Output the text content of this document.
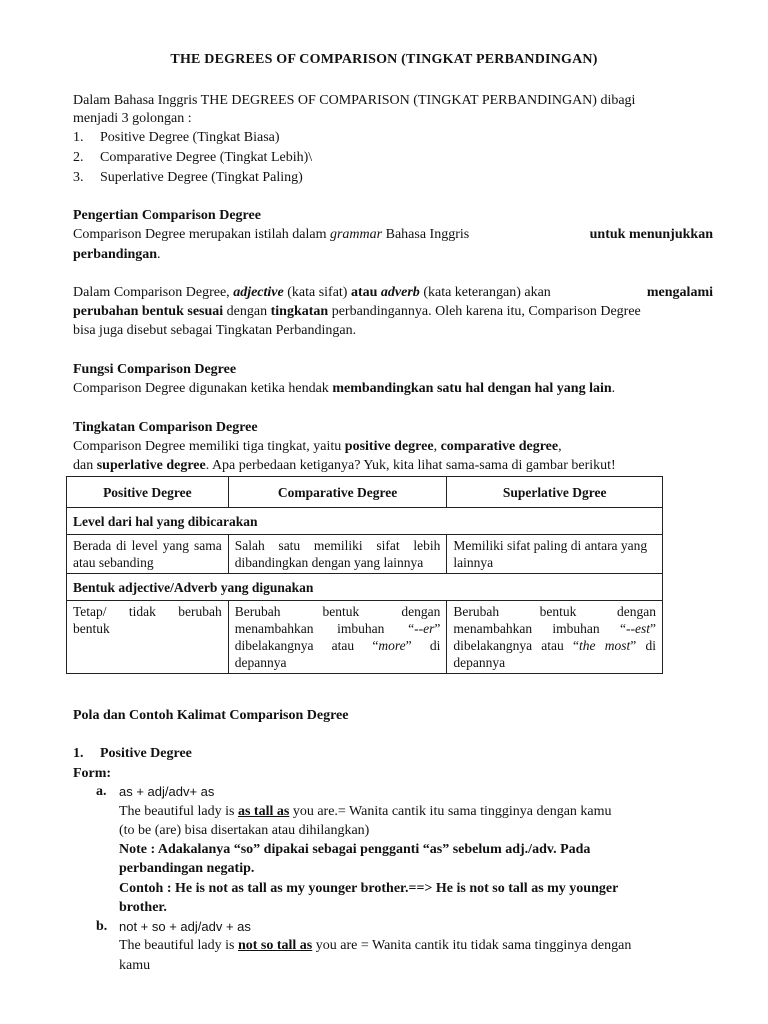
THE DEGREES OF COMPARISON (TINGKAT PERBANDINGAN)
Dalam Bahasa Inggris THE DEGREES OF COMPARISON (TINGKAT PERBANDINGAN) dibagi
menjadi 3 golongan :
1. Positive Degree (Tingkat Biasa)
2. Comparative Degree (Tingkat Lebih)\
3. Superlative Degree (Tingkat Paling)
Pengertian Comparison Degree
Comparison Degree merupakan istilah dalam grammar Bahasa Inggris	untuk menunjukkan
perbandingan.
Dalam Comparison Degree, adjective (kata sifat) atau adverb (kata keterangan) akan	mengalami
perubahan bentuk sesuai dengan tingkatan perbandingannya. Oleh karena itu, Comparison Degree
bisa juga disebut sebagai Tingkatan Perbandingan.
Fungsi Comparison Degree
Comparison Degree digunakan ketika hendak membandingkan satu hal dengan hal yang lain.
Tingkatan Comparison Degree
Comparison Degree memiliki tiga tingkat, yaitu positive degree, comparative degree,
dan superlative degree. Apa perbedaan ketiganya? Yuk, kita lihat sama-sama di gambar berikut!
Positive Degree	Comparative Degree	Superlative Dgree
Level dari hal yang dibicarakan		
Berada di level yang sama atau sebanding	Salah satu memiliki sifat lebih dibandingkan dengan yang lainnya	Memiliki sifat paling di antara yang lainnya
Bentuk adjective/Adverb yang digunakan		
Tetap/ tidak berubah bentuk	Berubah bentuk dengan menambahkan imbuhan “--er” dibelakangnya atau “more” di depannya	Berubah bentuk dengan menambahkan imbuhan “--est” dibelakangnya atau “the most” di depannya
Pola dan Contoh Kalimat Comparison Degree
1. Positive Degree
Form:
a. as + adj/adv+ as
The beautiful lady is as tall as you are.= Wanita cantik itu sama tingginya dengan kamu
(to be (are) bisa disertakan atau dihilangkan)
Note : Adakalanya “so” dipakai sebagai pengganti “as” sebelum adj./adv. Pada
perbandingan negatip.
Contoh : He is not as tall as my younger brother.==> He is not so tall as my younger
brother.
b. not + so + adj/adv + as
The beautiful lady is not so tall as you are = Wanita cantik itu tidak sama tingginya dengan
kamu
